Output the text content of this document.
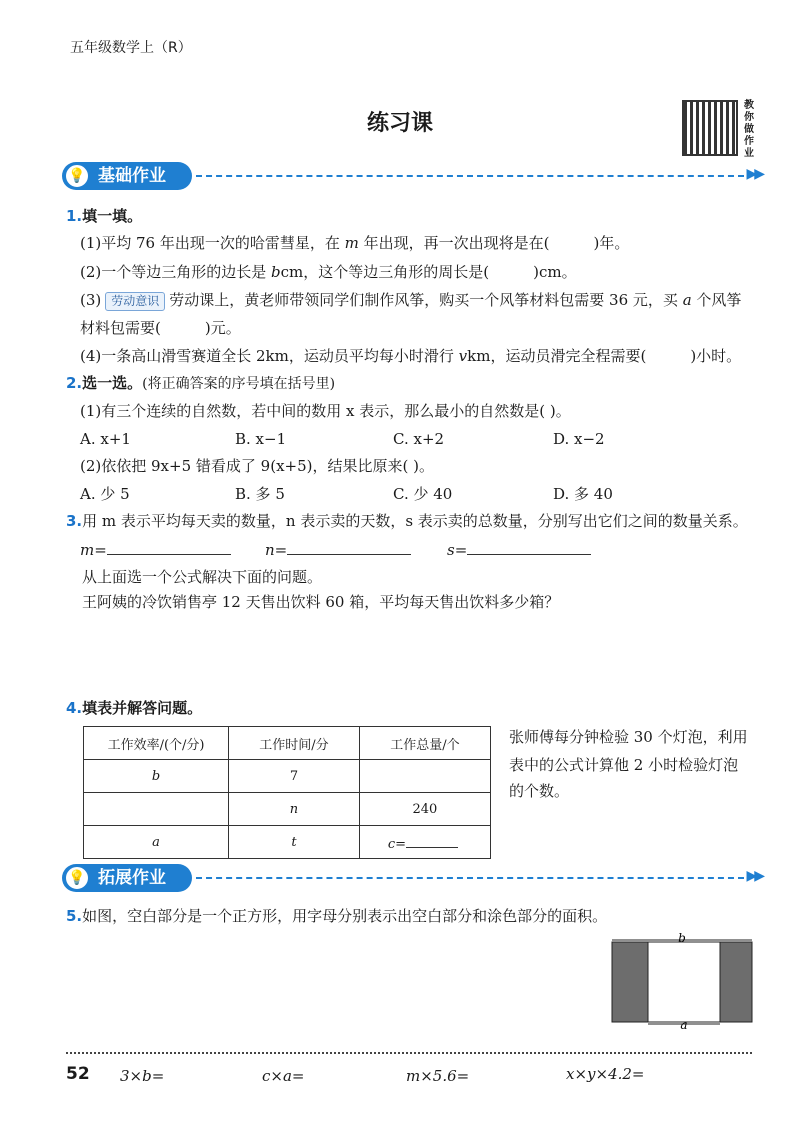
五年级数学上（R）
练习课
教你做作业
基础作业
💡	▶▶
1.填一填。
(1)平均 76 年出现一次的哈雷彗星，在 m 年出现，再一次出现将是在(	)年。
(2)一个等边三角形的边长是 bcm，这个等边三角形的周长是(	)cm。
(3) 劳动意识 劳动课上，黄老师带领同学们制作风筝，购买一个风筝材料包需要 36 元，买 a 个风筝
材料包需要(	)元。
(4)一条高山滑雪赛道全长 2km，运动员平均每小时滑行 vkm，运动员滑完全程需要(	)小时。
2.选一选。(将正确答案的序号填在括号里)
(1)有三个连续的自然数，若中间的数用 x 表示，那么最小的自然数是( )。
A. x+1	B. x−1	C. x+2	D. x−2
(2)依依把 9x+5 错看成了 9(x+5)，结果比原来( )。
A. 少 5	B. 多 5	C. 少 40	D. 多 40
3.用 m 表示平均每天卖的数量，n 表示卖的天数，s 表示卖的总数量，分别写出它们之间的数量关系。
m=	n=	s=
从上面选一个公式解决下面的问题。
王阿姨的冷饮销售亭 12 天售出饮料 60 箱，平均每天售出饮料多少箱？
4.填表并解答问题。
工作效率/(个/分)	工作时间/分	工作总量/个
b	7	
	n	240
a	t	c=
张师傅每分钟检验 30 个灯泡，利用
表中的公式计算他 2 小时检验灯泡
的个数。
拓展作业
💡	▶▶
5.如图，空白部分是一个正方形，用字母分别表示出空白部分和涂色部分的面积。
b
a
52 3×b=	c×a=	m×5.6=	x×y×4.2=
